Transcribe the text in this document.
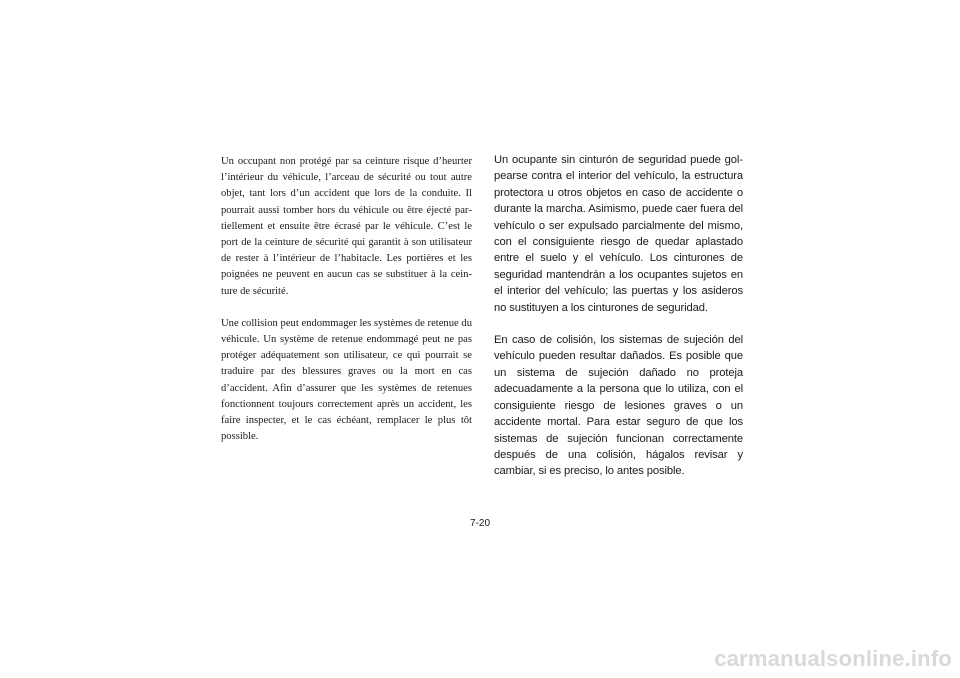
Un occupant non protégé par sa ceinture risque d’heurter l’intérieur du véhicule, l’arceau de sécurité ou tout autre objet, tant lors d’un accident que lors de la conduite. Il pourrait aussi tomber hors du véhicule ou être éjecté partiellement et ensuite être écrasé par le véhicule. C’est le port de la ceinture de sécurité qui garantit à son utilisateur de rester à l’intérieur de l’habitacle. Les portières et les poignées ne peuvent en aucun cas se substituer à la ceinture de sécurité.

Une collision peut endommager les systèmes de retenue du véhicule. Un système de retenue endommagé peut ne pas protéger adéquatement son utilisateur, ce qui pourrait se traduire par des blessures graves ou la mort en cas d’accident. Afin d’assurer que les systèmes de retenues fonctionnent toujours correctement après un accident, les faire inspecter, et le cas échéant, remplacer le plus tôt possible.

Un ocupante sin cinturón de seguridad puede golpearse contra el interior del vehículo, la estructura protectora u otros objetos en caso de accidente o durante la marcha. Asimismo, puede caer fuera del vehículo o ser expulsado parcialmente del mismo, con el consiguiente riesgo de quedar aplastado entre el suelo y el vehículo. Los cinturones de seguridad mantendrán a los ocupantes sujetos en el interior del vehículo; las puertas y los asideros no sustituyen a los cinturones de seguridad.

En caso de colisión, los sistemas de sujeción del vehículo pueden resultar dañados. Es posible que un sistema de sujeción dañado no proteja adecuadamente a la persona que lo utiliza, con el consiguiente riesgo de lesiones graves o un accidente mortal. Para estar seguro de que los sistemas de sujeción funcionan correctamente después de una colisión, hágalos revisar y cambiar, si es preciso, lo antes posible.

7-20
carmanualsonline.info
